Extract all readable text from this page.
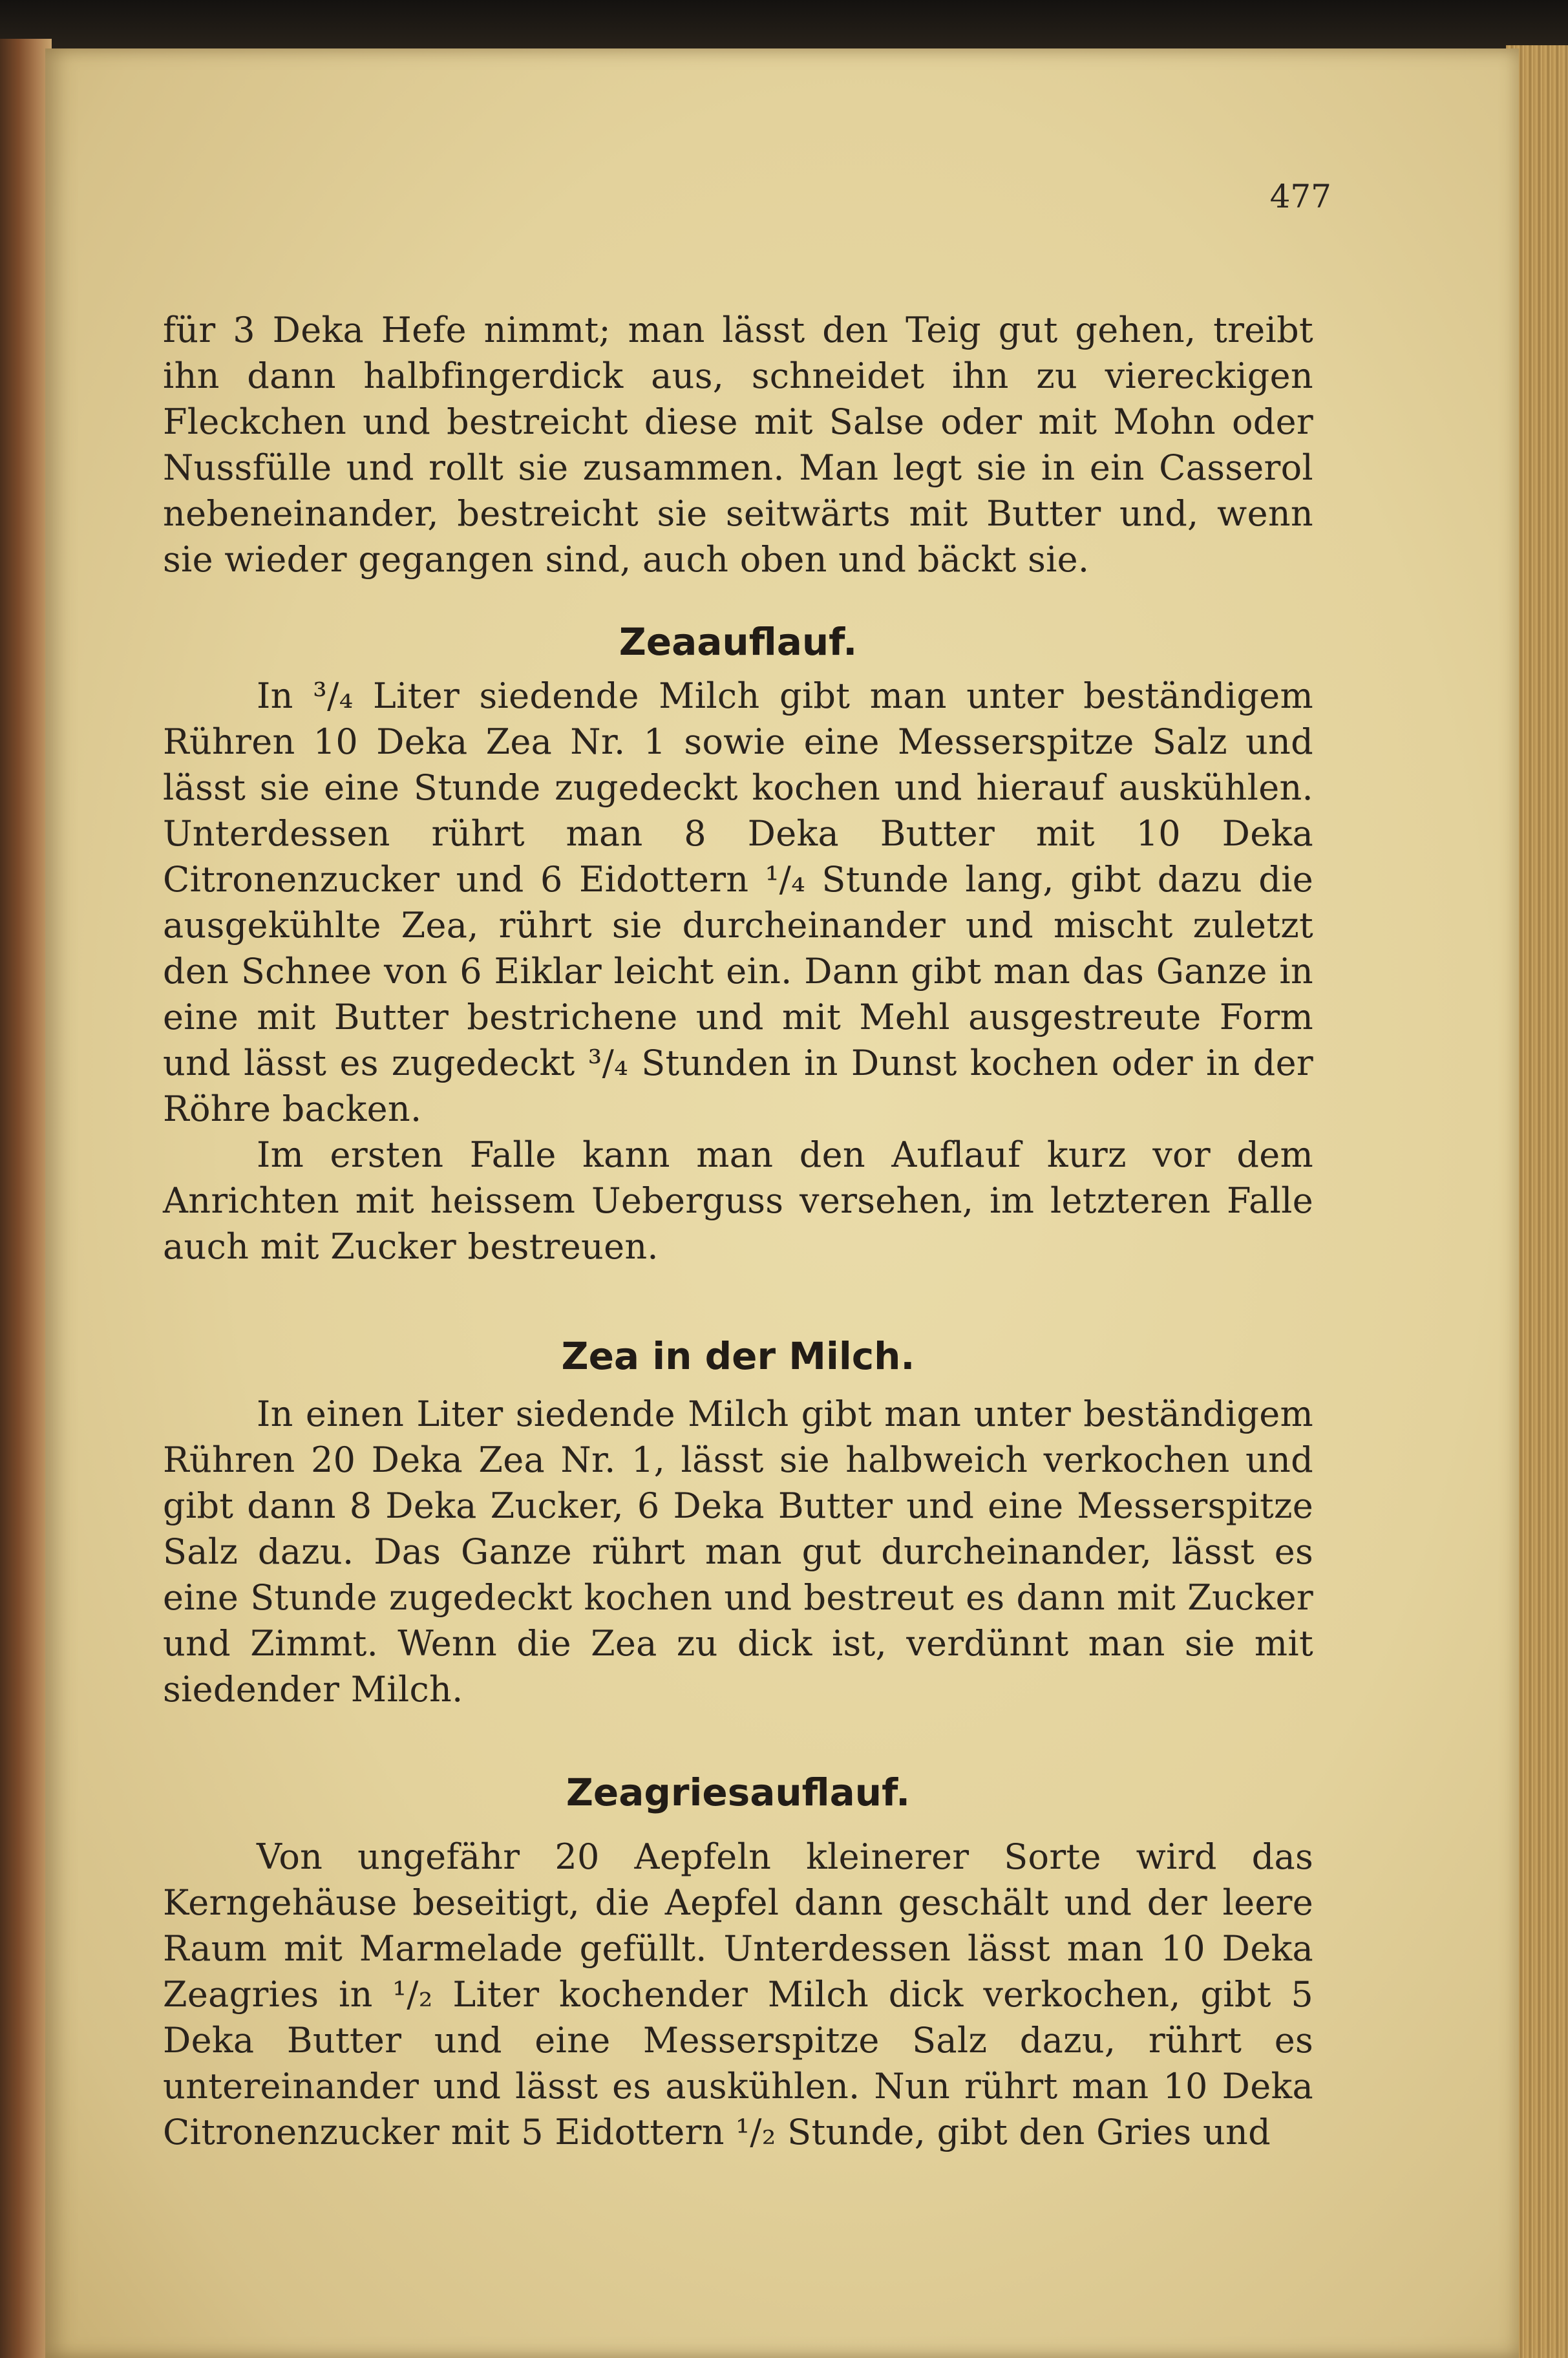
477

für 3 Deka Hefe nimmt; man lässt den Teig gut gehen, treibt ihn dann halbfingerdick aus, schneidet ihn zu viereckigen Fleckchen und bestreicht diese mit Salse oder mit Mohn oder Nussfülle und rollt sie zusammen. Man legt sie in ein Casserol nebeneinander, bestreicht sie seitwärts mit Butter und, wenn sie wieder gegangen sind, auch oben und bäckt sie.

Zeaauflauf.

In ³/₄ Liter siedende Milch gibt man unter beständigem Rühren 10 Deka Zea Nr. 1 sowie eine Messerspitze Salz und lässt sie eine Stunde zugedeckt kochen und hierauf auskühlen. Unterdessen rührt man 8 Deka Butter mit 10 Deka Citronenzucker und 6 Eidottern ¹/₄ Stunde lang, gibt dazu die ausgekühlte Zea, rührt sie durcheinander und mischt zuletzt den Schnee von 6 Eiklar leicht ein. Dann gibt man das Ganze in eine mit Butter bestrichene und mit Mehl ausgestreute Form und lässt es zugedeckt ³/₄ Stunden in Dunst kochen oder in der Röhre backen.

Im ersten Falle kann man den Auflauf kurz vor dem Anrichten mit heissem Ueberguss versehen, im letzteren Falle auch mit Zucker bestreuen.

Zea in der Milch.

In einen Liter siedende Milch gibt man unter beständigem Rühren 20 Deka Zea Nr. 1, lässt sie halbweich verkochen und gibt dann 8 Deka Zucker, 6 Deka Butter und eine Messerspitze Salz dazu. Das Ganze rührt man gut durcheinander, lässt es eine Stunde zugedeckt kochen und bestreut es dann mit Zucker und Zimmt. Wenn die Zea zu dick ist, verdünnt man sie mit siedender Milch.

Zeagriesauflauf.

Von ungefähr 20 Aepfeln kleinerer Sorte wird das Kerngehäuse beseitigt, die Aepfel dann geschält und der leere Raum mit Marmelade gefüllt. Unterdessen lässt man 10 Deka Zeagries in ¹/₂ Liter kochender Milch dick verkochen, gibt 5 Deka Butter und eine Messerspitze Salz dazu, rührt es untereinander und lässt es auskühlen. Nun rührt man 10 Deka Citronenzucker mit 5 Eidottern ¹/₂ Stunde, gibt den Gries und
